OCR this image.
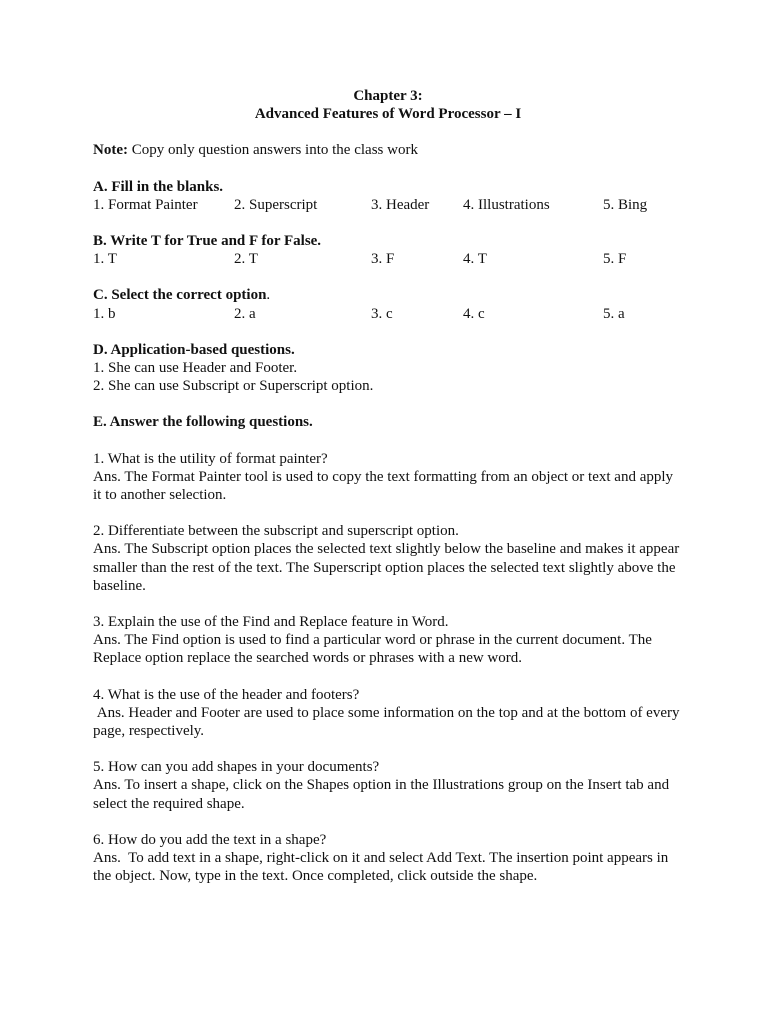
Chapter 3:
Advanced Features of Word Processor – I
Note: Copy only question answers into the class work
A. Fill in the blanks.
1. Format Painter 2. Superscript	3. Header 4. Illustrations	5. Bing
B. Write T for True and F for False.
1. T	2. T	3. F	4. T	5. F
C. Select the correct option.
1. b	2. a	3. c	4. c	5. a
D. Application-based questions.
1. She can use Header and Footer.
2. She can use Subscript or Superscript option.
E. Answer the following questions.
1. What is the utility of format painter?

Ans. The Format Painter tool is used to copy the text formatting from an object or text and apply it to another selection.

2. Differentiate between the subscript and superscript option.

Ans. The Subscript option places the selected text slightly below the baseline and makes it appear smaller than the rest of the text. The Superscript option places the selected text slightly above the baseline.

3. Explain the use of the Find and Replace feature in Word.

Ans. The Find option is used to find a particular word or phrase in the current document. The Replace option replace the searched words or phrases with a new word.

4. What is the use of the header and footers?

Ans. Header and Footer are used to place some information on the top and at the bottom of every page, respectively.

5. How can you add shapes in your documents?

Ans. To insert a shape, click on the Shapes option in the Illustrations group on the Insert tab and select the required shape.

6. How do you add the text in a shape?

Ans.  To add text in a shape, right-click on it and select Add Text. The insertion point appears in the object. Now, type in the text. Once completed, click outside the shape.
